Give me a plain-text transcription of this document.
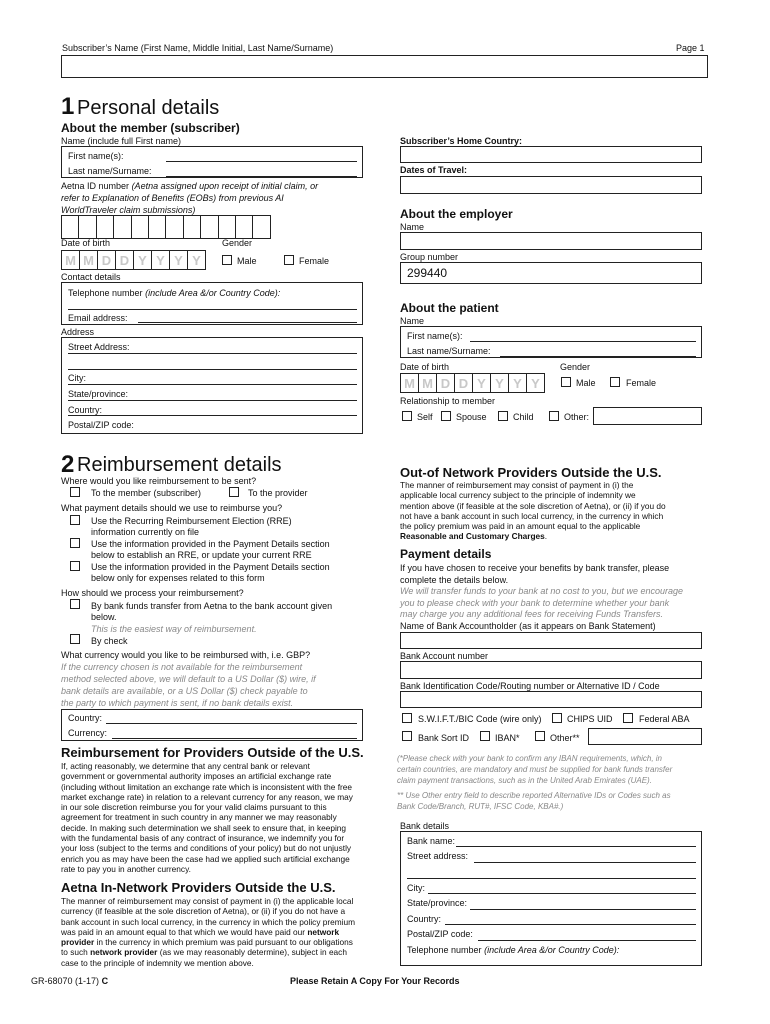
Subscriber’s Name (First Name, Middle Initial, Last Name/Surname)	Page 1
1 Personal details
About the member (subscriber)
Name (include full First name)
First name(s):
Last name/Surname:
Aetna ID number (Aetna assigned upon receipt of initial claim, or
refer to Explanation of Benefits (EOBs) from previous AI
WorldTraveler claim submissions)
Date of birth	Gender
M M D D Y Y Y Y	Male	Female
Contact details
Telephone number (include Area &/or Country Code):
Email address:
Address
Street Address:
City:
State/province:
Country:
Postal/ZIP code:
Subscriber’s Home Country:
Dates of Travel:
About the employer
Name
Group number
299440
About the patient
Name
First name(s):
Last name/Surname:
Date of birth	Gender
M M D D Y Y Y Y	Male	Female
Relationship to member
Self	Spouse	Child	Other:
2 Reimbursement details
Where would you like reimbursement to be sent?
To the member (subscriber)	To the provider
What payment details should we use to reimburse you?
Use the Recurring Reimbursement Election (RRE)
information currently on file
Use the information provided in the Payment Details section
below to establish an RRE, or update your current RRE
Use the information provided in the Payment Details section
below only for expenses related to this form
How should we process your reimbursement?
By bank funds transfer from Aetna to the bank account given
below.
This is the easiest way of reimbursement.
By check
What currency would you like to be reimbursed with, i.e. GBP?
If the currency chosen is not available for the reimbursement
method selected above, we will default to a US Dollar ($) wire, if
bank details are available, or a US Dollar ($) check payable to
the party to which payment is sent, if no bank details exist.
Country:
Currency:
Reimbursement for Providers Outside of the U.S.
If, acting reasonably, we determine that any central bank or relevant
government or governmental authority imposes an artificial exchange rate
(including without limitation an exchange rate which is inconsistent with the free
market exchange rate) in relation to a relevant currency for any reason, we may
in our sole discretion reimburse you for your valid claims pursuant to this
agreement for treatment in such country in any manner we may reasonably
decide. In making such determination we shall seek to ensure that, in keeping
with the fundamental basis of any contract of insurance, we indemnify you for
your loss (subject to the terms and conditions of your policy) but do not unjustly
enrich you as may have been the case had we applied such artificial exchange
rate to pay you in another currency.
Aetna In-Network Providers Outside the U.S.
The manner of reimbursement may consist of payment in (i) the applicable local
currency (if feasible at the sole discretion of Aetna), or (ii) if you do not have a
bank account in such local currency, in the currency in which the policy premium
was paid in an amount equal to that which we would have paid our network
provider in the currency in which premium was paid pursuant to our obligations
to such network provider (as we may reasonably determine), subject in each
case to the principle of indemnity we mention above.
Out-of Network Providers Outside the U.S.
The manner of reimbursement may consist of payment in (i) the
applicable local currency subject to the principle of indemnity we
mention above (if feasible at the sole discretion of Aetna), or (ii) if you do
not have a bank account in such local currency, in the currency in which
the policy premium was paid in an amount equal to the applicable
Reasonable and Customary Charges.
Payment details
If you have chosen to receive your benefits by bank transfer, please
complete the details below.
We will transfer funds to your bank at no cost to you, but we encourage
you to please check with your bank to determine whether your bank
may charge you any additional fees for receiving Funds Transfers.
Name of Bank Accountholder (as it appears on Bank Statement)
Bank Account number
Bank Identification Code/Routing number or Alternative ID / Code
S.W.I.F.T./BIC Code (wire only)	CHIPS UID	Federal ABA
Bank Sort ID	IBAN*	Other**
(*Please check with your bank to confirm any IBAN requirements, which, in
certain countries, are mandatory and must be supplied for bank funds transfer
claim payment transactions, such as in the United Arab Emirates (UAE).
** Use Other entry field to describe reported Alternative IDs or Codes such as
Bank Code/Branch, RUT#, IFSC Code, KBA#.)
Bank details
Bank name:
Street address:
City:
State/province:
Country:
Postal/ZIP code:
Telephone number (include Area &/or Country Code):
GR-68070 (1-17) C	Please Retain A Copy For Your Records
